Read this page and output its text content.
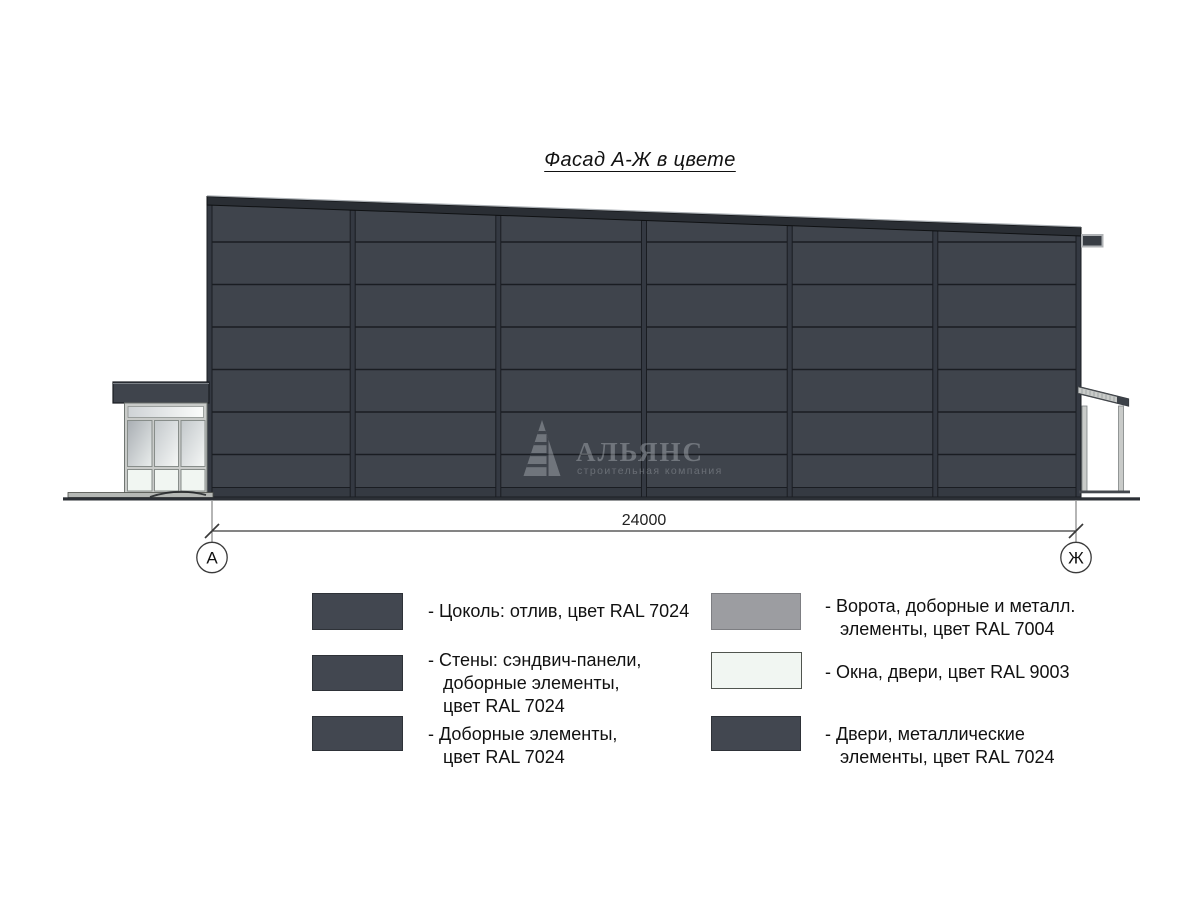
Фасад А-Ж в цвете
АЛЬЯНС
строительная компания
24000
А	Ж
- Цоколь: отлив, цвет RAL 7024
- Стены: сэндвич-панели,
доборные элементы,
цвет RAL 7024
- Доборные элементы,
цвет RAL 7024
- Ворота, доборные и металл.
элементы, цвет RAL 7004
- Окна, двери, цвет RAL 9003
- Двери, металлические
элементы, цвет RAL 7024
